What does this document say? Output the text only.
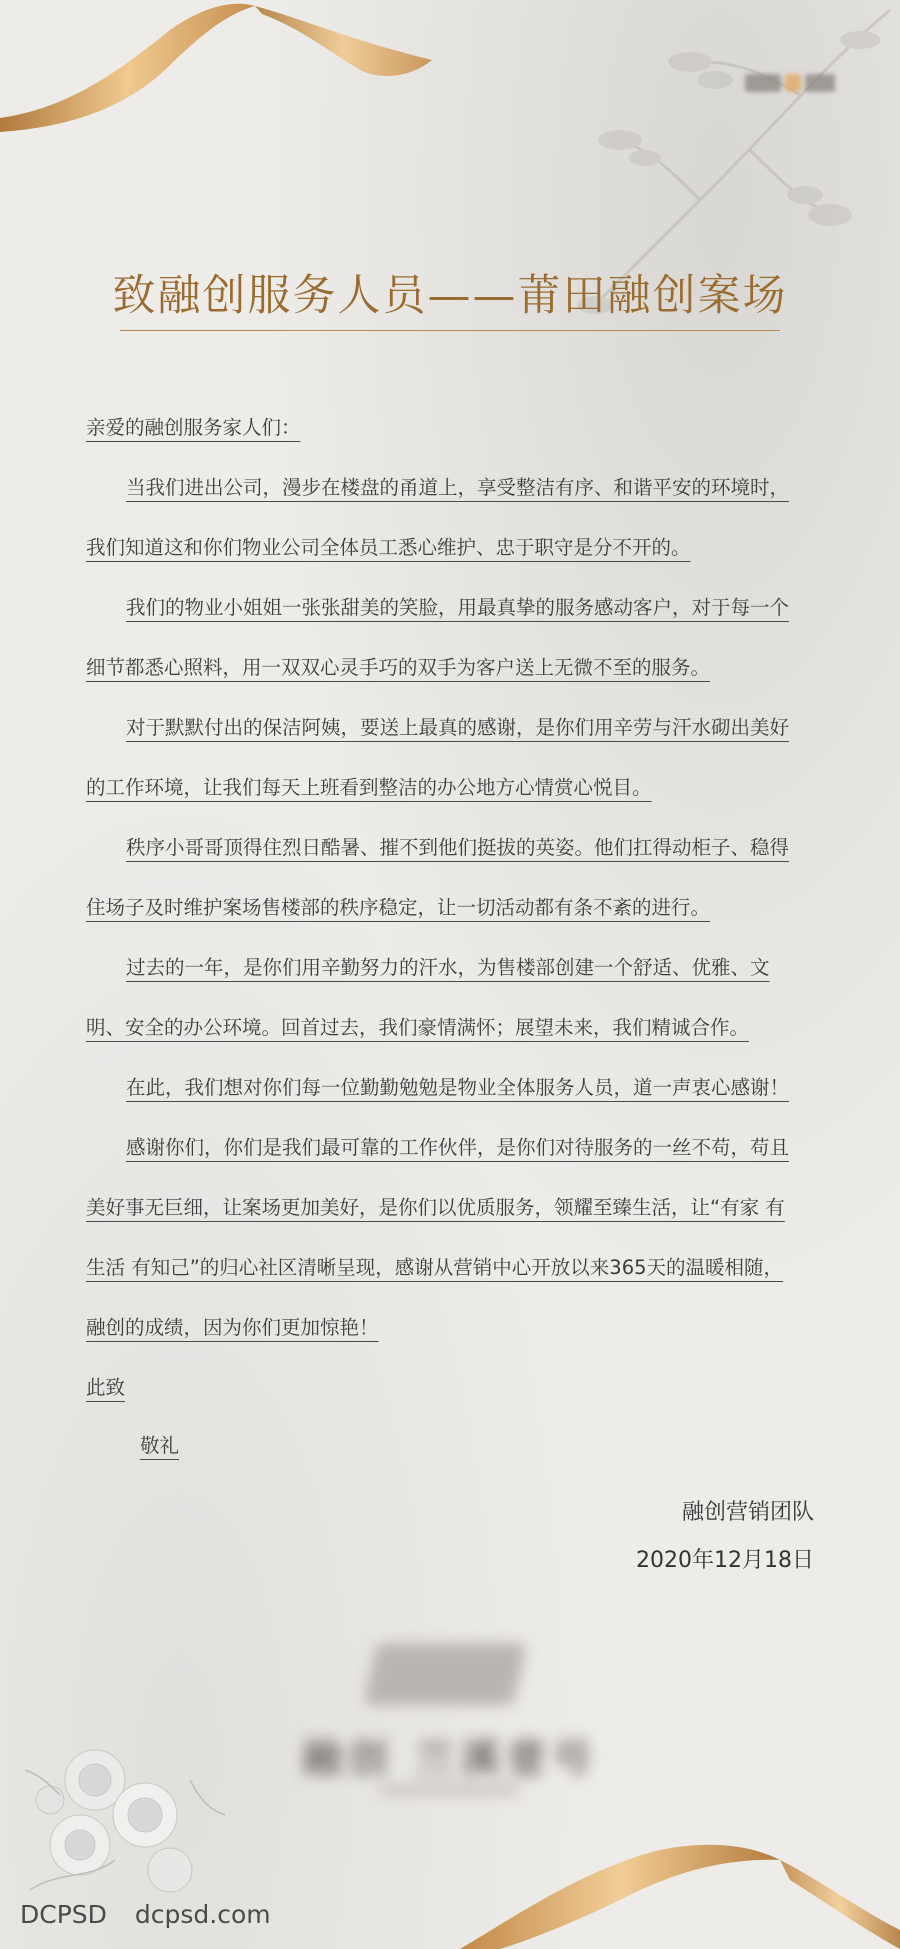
致融创服务人员——莆田融创案场
亲爱的融创服务家人们：
当我们进出公司，漫步在楼盘的甬道上，享受整洁有序、和谐平安的环境时，
我们知道这和你们物业公司全体员工悉心维护、忠于职守是分不开的。
我们的物业小姐姐一张张甜美的笑脸，用最真挚的服务感动客户，对于每一个
细节都悉心照料，用一双双心灵手巧的双手为客户送上无微不至的服务。
对于默默付出的保洁阿姨，要送上最真的感谢，是你们用辛劳与汗水砌出美好
的工作环境，让我们每天上班看到整洁的办公地方心情赏心悦目。
秩序小哥哥顶得住烈日酷暑、摧不到他们挺拔的英姿。他们扛得动柜子、稳得
住场子及时维护案场售楼部的秩序稳定，让一切活动都有条不紊的进行。
过去的一年，是你们用辛勤努力的汗水，为售楼部创建一个舒适、优雅、文
明、安全的办公环境。回首过去，我们豪情满怀；展望未来，我们精诚合作。
在此，我们想对你们每一位勤勤勉勉是物业全体服务人员，道一声衷心感谢！
感谢你们，你们是我们最可靠的工作伙伴，是你们对待服务的一丝不苟，苟且
美好事无巨细，让案场更加美好，是你们以优质服务，领耀至臻生活，让“有家 有
生活 有知己”的归心社区清晰呈现，感谢从营销中心开放以来365天的温暖相随，
融创的成绩，因为你们更加惊艳！
此致
敬礼
融创营销团队
2020年12月18日
融创 兰溪壹号
DCPSD dcpsd.com
